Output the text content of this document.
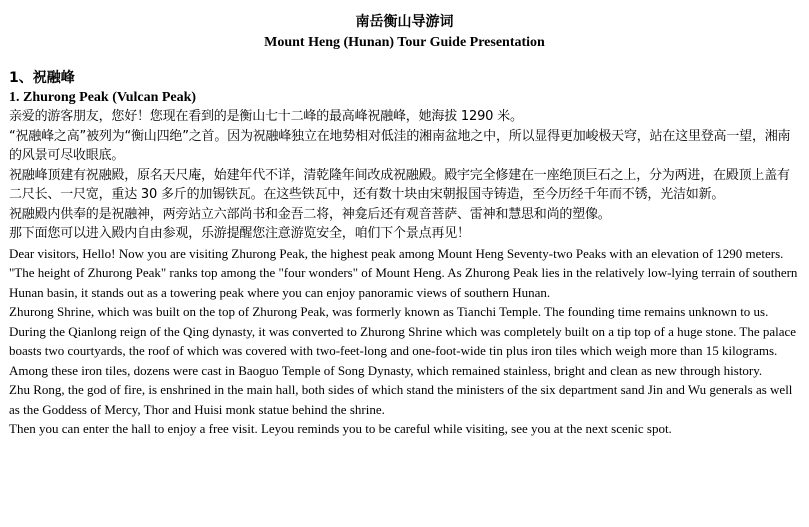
南岳衡山导游词
Mount Heng (Hunan) Tour Guide Presentation
1、祝融峰
1. Zhurong Peak (Vulcan Peak)

亲爱的游客朋友，您好！您现在看到的是衡山七十二峰的最高峰祝融峰，她海拔 1290 米。

“祝融峰之高”被列为“衡山四绝”之首。因为祝融峰独立在地势相对低洼的湘南盆地之中，所以显得更加峻极天穹，站在这里登高一望，湘南的风景可尽收眼底。

祝融峰顶建有祝融殿，原名天尺庵，始建年代不详，清乾隆年间改成祝融殿。殿宇完全修建在一座绝顶巨石之上，分为两进，在殿顶上盖有二尺长、一尺宽，重达 30 多斤的加锡铁瓦。在这些铁瓦中，还有数十块由宋朝报国寺铸造，至今历经千年而不锈，光洁如新。

祝融殿内供奉的是祝融神，两旁站立六部尚书和金吾二将，神龛后还有观音菩萨、雷神和慧思和尚的塑像。

那下面您可以进入殿内自由参观，乐游提醒您注意游览安全，咱们下个景点再见！

Dear visitors, Hello! Now you are visiting Zhurong Peak, the highest peak among Mount Heng Seventy-two Peaks with an elevation of 1290 meters.

"The height of Zhurong Peak" ranks top among the "four wonders" of Mount Heng. As Zhurong Peak lies in the relatively low-lying terrain of southern Hunan basin, it stands out as a towering peak where you can enjoy panoramic views of southern Hunan.

Zhurong Shrine, which was built on the top of Zhurong Peak, was formerly known as Tianchi Temple. The founding time remains unknown to us. During the Qianlong reign of the Qing dynasty, it was converted to Zhurong Shrine which was completely built on a tip top of a huge stone. The palace boasts two courtyards, the roof of which was covered with two-feet-long and one-foot-wide tin plus iron tiles which weigh more than 15 kilograms. Among these iron tiles, dozens were cast in Baoguo Temple of Song Dynasty, which remained stainless, bright and clean as new through history.

Zhu Rong, the god of fire, is enshrined in the main hall, both sides of which stand the ministers of the six department sand Jin and Wu generals as well as the Goddess of Mercy, Thor and Huisi monk statue behind the shrine.

Then you can enter the hall to enjoy a free visit. Leyou reminds you to be careful while visiting, see you at the next scenic spot.
